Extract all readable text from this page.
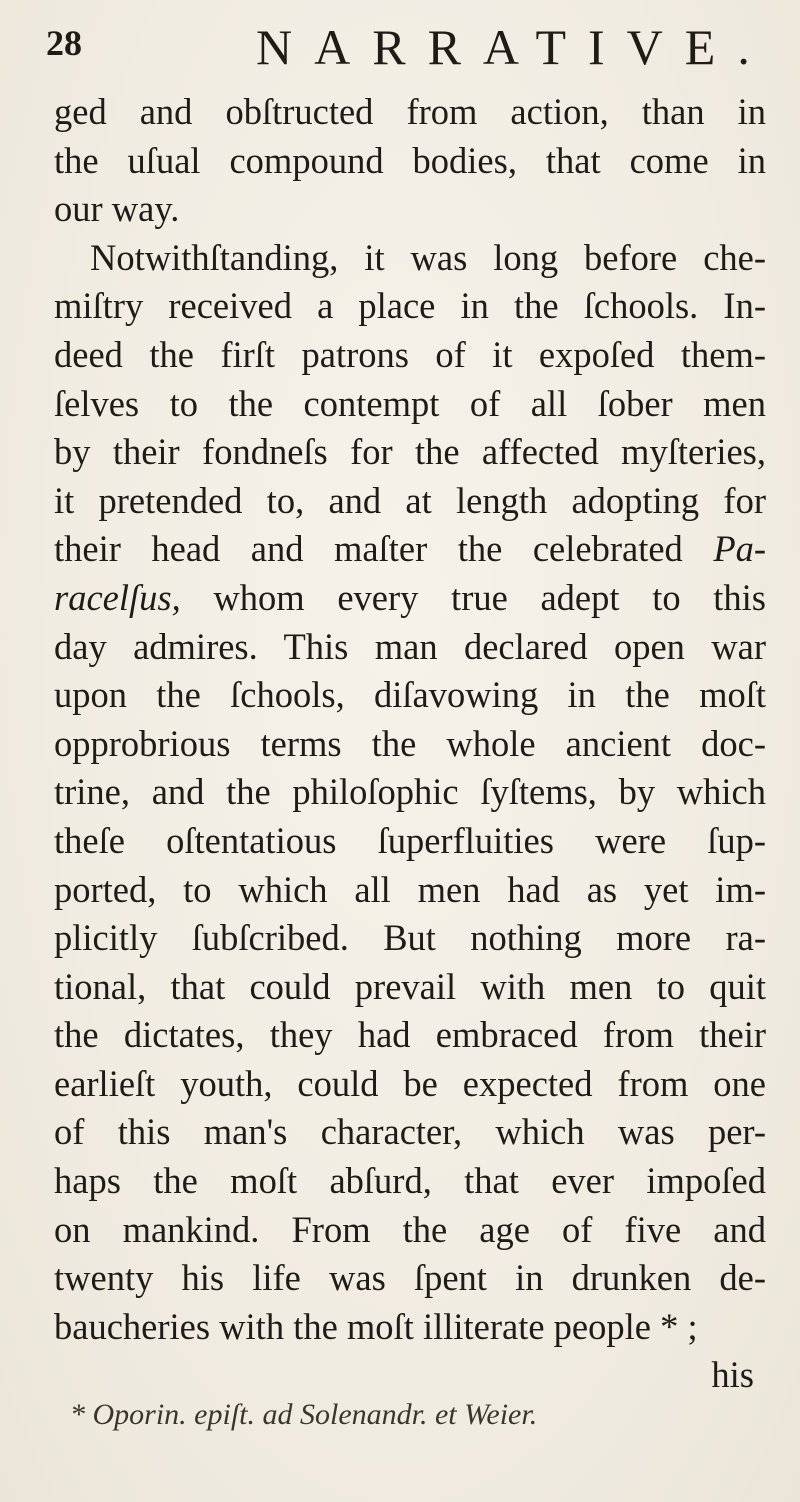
28	NARRATIVE.
ged and obſtructed from action, than in
the uſual compound bodies, that come in
our way.
Notwithſtanding, it was long before che-
miſtry received a place in the ſchools. In-
deed the firſt patrons of it expoſed them-
ſelves to the contempt of all ſober men
by their fondneſs for the affected myſteries,
it pretended to, and at length adopting for
their head and maſter the celebrated Pa-
racelſus, whom every true adept to this
day admires. This man declared open war
upon the ſchools, diſavowing in the moſt
opprobrious terms the whole ancient doc-
trine, and the philoſophic ſyſtems, by which
theſe oſtentatious ſuperfluities were ſup-
ported, to which all men had as yet im-
plicitly ſubſcribed. But nothing more ra-
tional, that could prevail with men to quit
the dictates, they had embraced from their
earlieſt youth, could be expected from one
of this man's character, which was per-
haps the moſt abſurd, that ever impoſed
on mankind. From the age of five and
twenty his life was ſpent in drunken de-
baucheries with the moſt illiterate people * ;
his
* Oporin. epiſt. ad Solenandr. et Weier.
